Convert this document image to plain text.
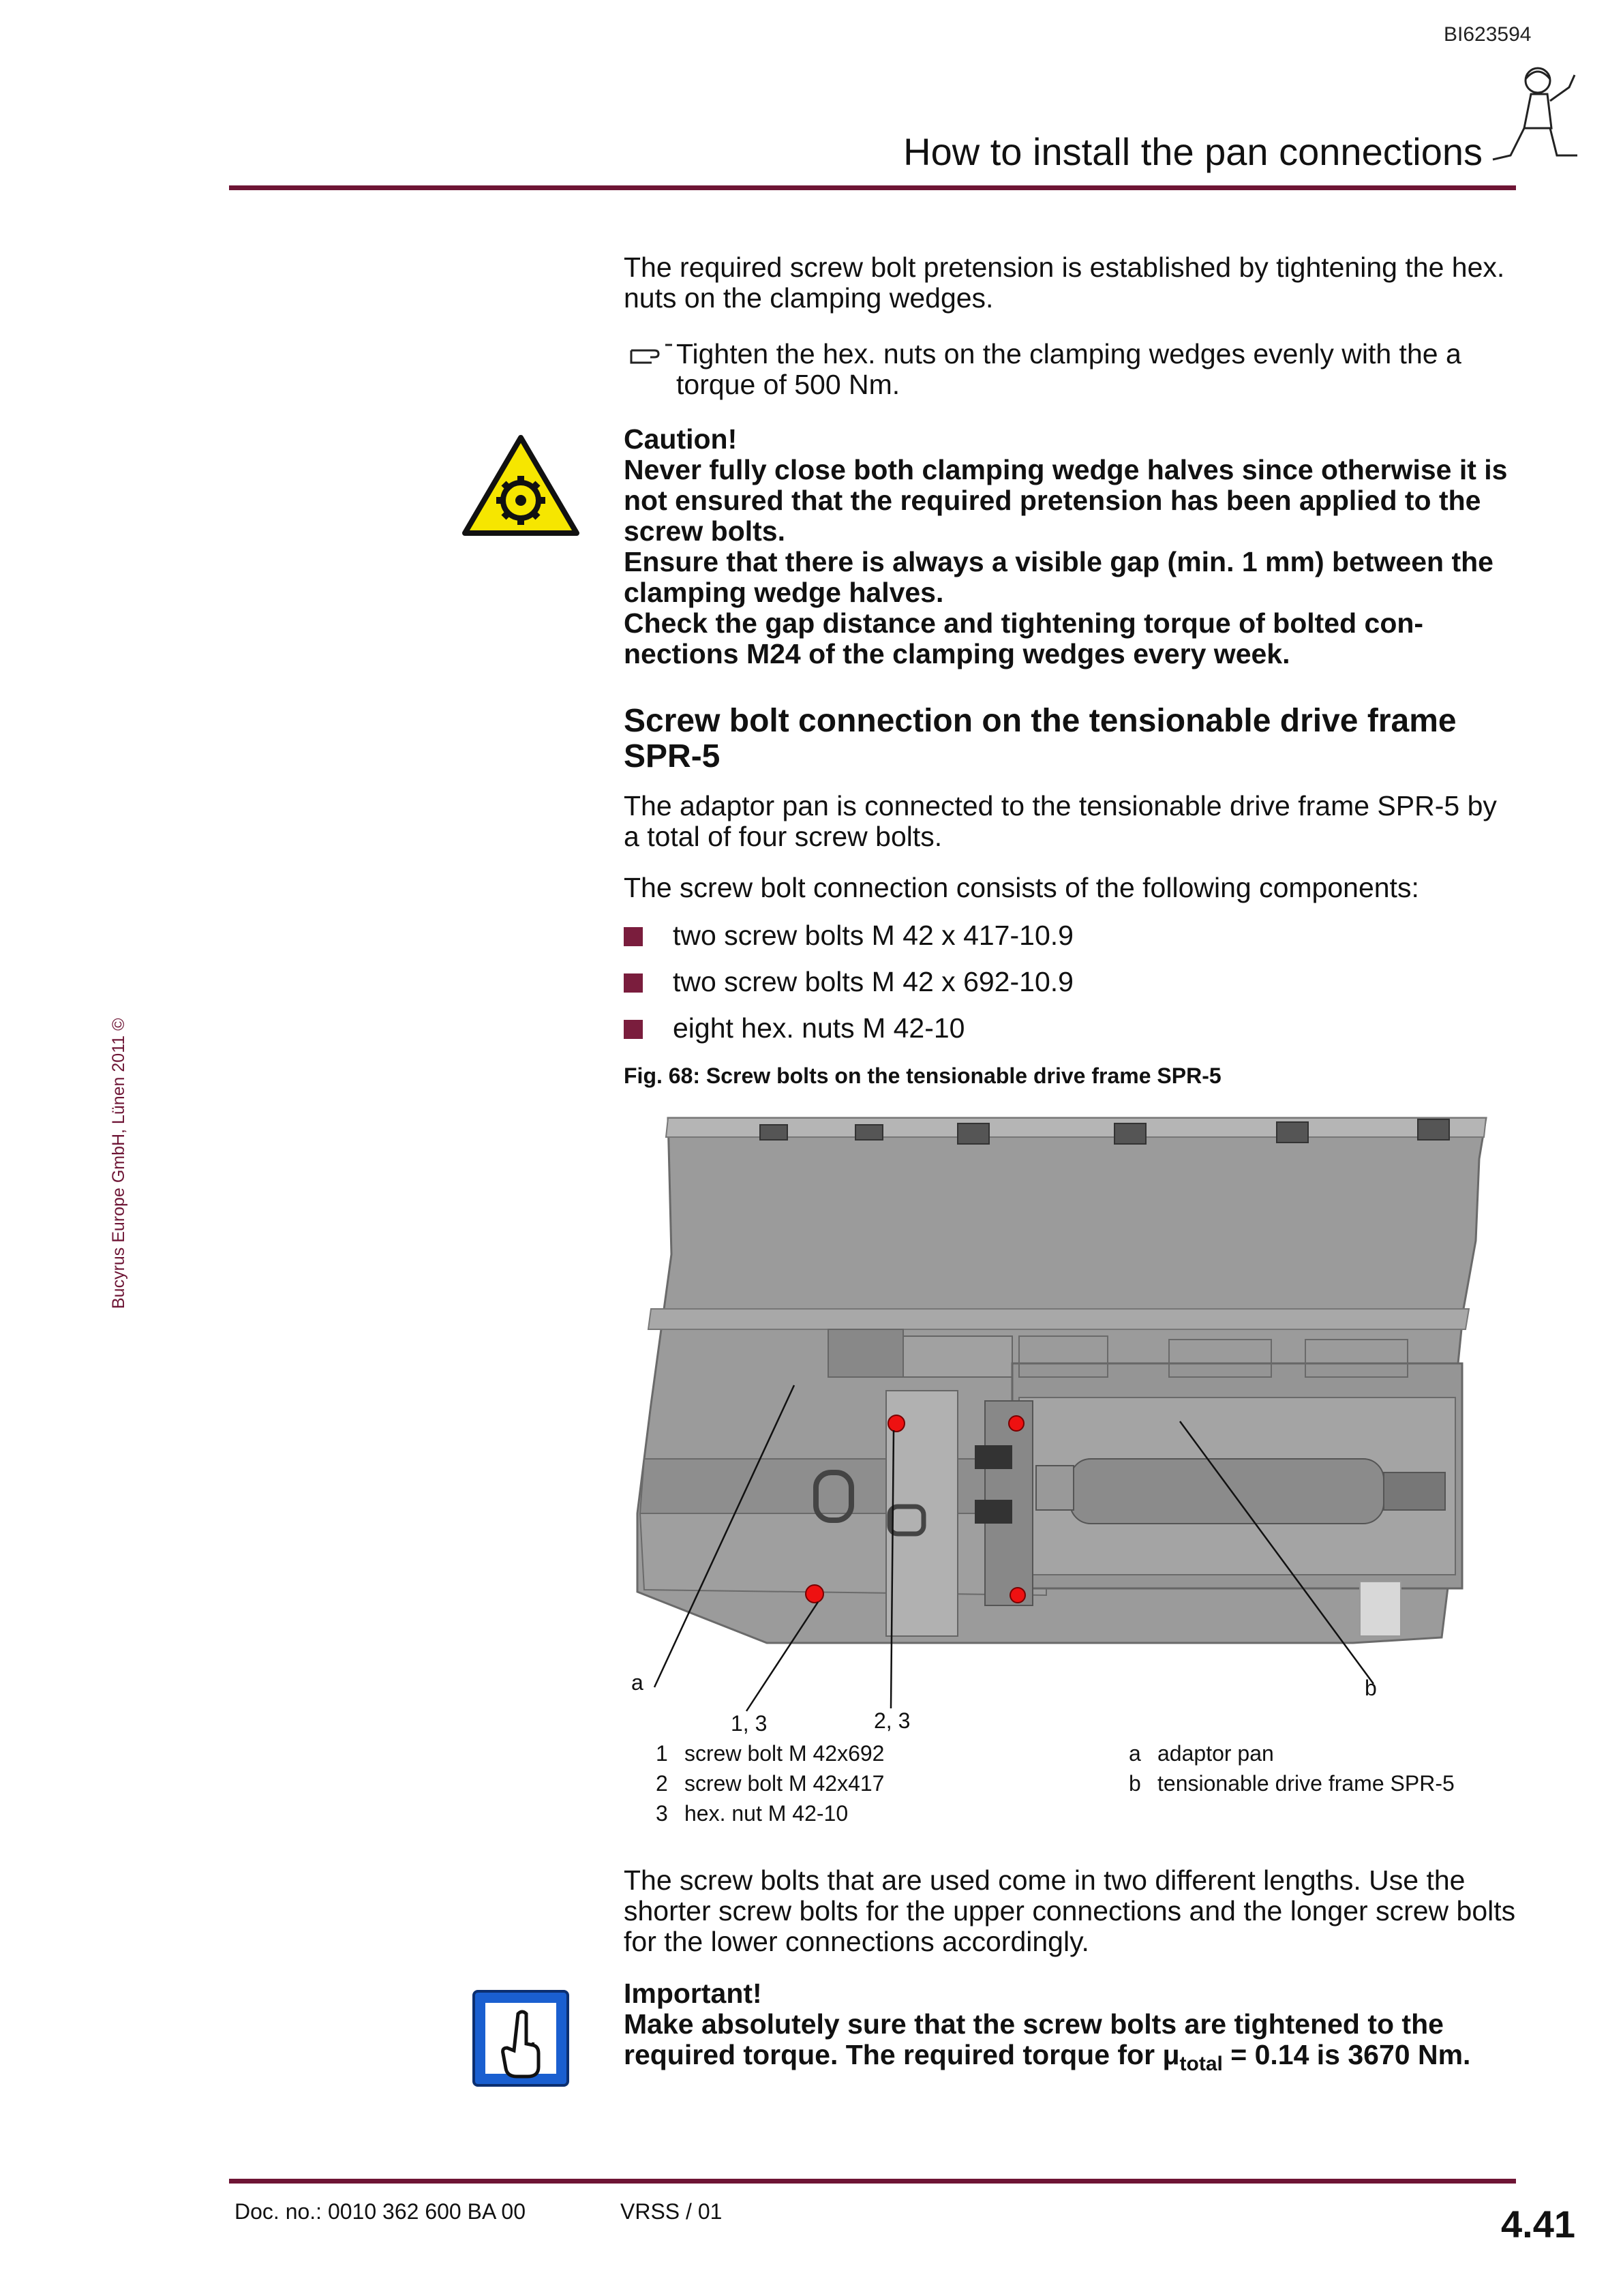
BI623594
How to install the pan connections
Bucyrus Europe GmbH, Lünen 2011 ©

The required screw bolt pretension is established by tightening the hex. nuts on the clamping wedges.

Tighten the hex. nuts on the clamping wedges evenly with the a torque of 500 Nm.

Caution!

Never fully close both clamping wedge halves since otherwise it is not ensured that the required pretension has been applied to the screw bolts.

Ensure that there is always a visible gap (min. 1 mm) between the clamping wedge halves.

Check the gap distance and tightening torque of bolted con-nections M24 of the clamping wedges every week.

Screw bolt connection on the tensionable drive frame SPR-5

The adaptor pan is connected to the tensionable drive frame SPR-5 by a total of four screw bolts.

The screw bolt connection consists of the following components:

two screw bolts M 42 x 417-10.9
two screw bolts M 42 x 692-10.9
eight hex. nuts M 42-10
Fig. 68: Screw bolts on the tensionable drive frame SPR-5
a	b
1, 3	2, 3
1 screw bolt M 42x692
2 screw bolt M 42x417
3 hex. nut M 42-10
a adaptor pan
b tensionable drive frame SPR-5

The screw bolts that are used come in two different lengths. Use the shorter screw bolts for the upper connections and the longer screw bolts for the lower connections accordingly.

Important!

Make absolutely sure that the screw bolts are tightened to the required torque. The required torque for $\mu_{total} = 0.14$ is 3670 Nm.

Doc. no.: 0010 362 600 BA 00	VRSS / 01	4.41
